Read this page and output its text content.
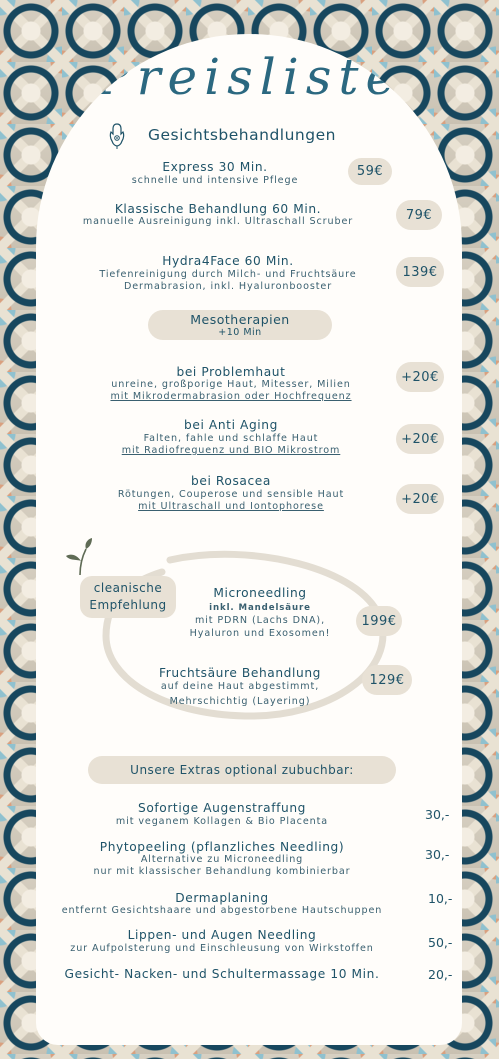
Preisliste
Gesichtsbehandlungen
Express 30 Min.
schnelle und intensive Pflege
59€
Klassische Behandlung 60 Min.
manuelle Ausreinigung inkl. Ultraschall Scruber	79€
Hydra4Face 60 Min.
Tiefenreinigung durch Milch- und Fruchtsäure
Dermabrasion, inkl. Hyaluronbooster
139€
Mesotherapien
+10 Min
bei Problemhaut
unreine, großporige Haut, Mitesser, Milien
mit Mikrodermabrasion oder Hochfrequenz
+20€
bei Anti Aging
Falten, fahle und schlaffe Haut
mit Radiofreguenz und BIO Mikrostrom
+20€
bei Rosacea
Rötungen, Couperose und sensible Haut
mit Ultraschall und Iontophorese	+20€
cleanische
Empfehlung
Microneedling
inkl. Mandelsäure
mit PDRN (Lachs DNA),
Hyaluron und Exosomen!
199€
Fruchtsäure Behandlung
auf deine Haut abgestimmt,
Mehrschichtig (Layering)
129€
Unsere Extras optional zubuchbar:
Sofortige Augenstraffung
mit veganem Kollagen & Bio Placenta	30,-
Phytopeeling (pflanzliches Needling)
Alternative zu Microneedling
nur mit klassischer Behandlung kombinierbar
30,-
Dermaplaning
entfernt Gesichtshaare und abgestorbene Hautschuppen
10,-
Lippen- und Augen Needling
zur Aufpolsterung und Einschleusung von Wirkstoffen	50,-
Gesicht- Nacken- und Schultermassage 10 Min.	20,-
